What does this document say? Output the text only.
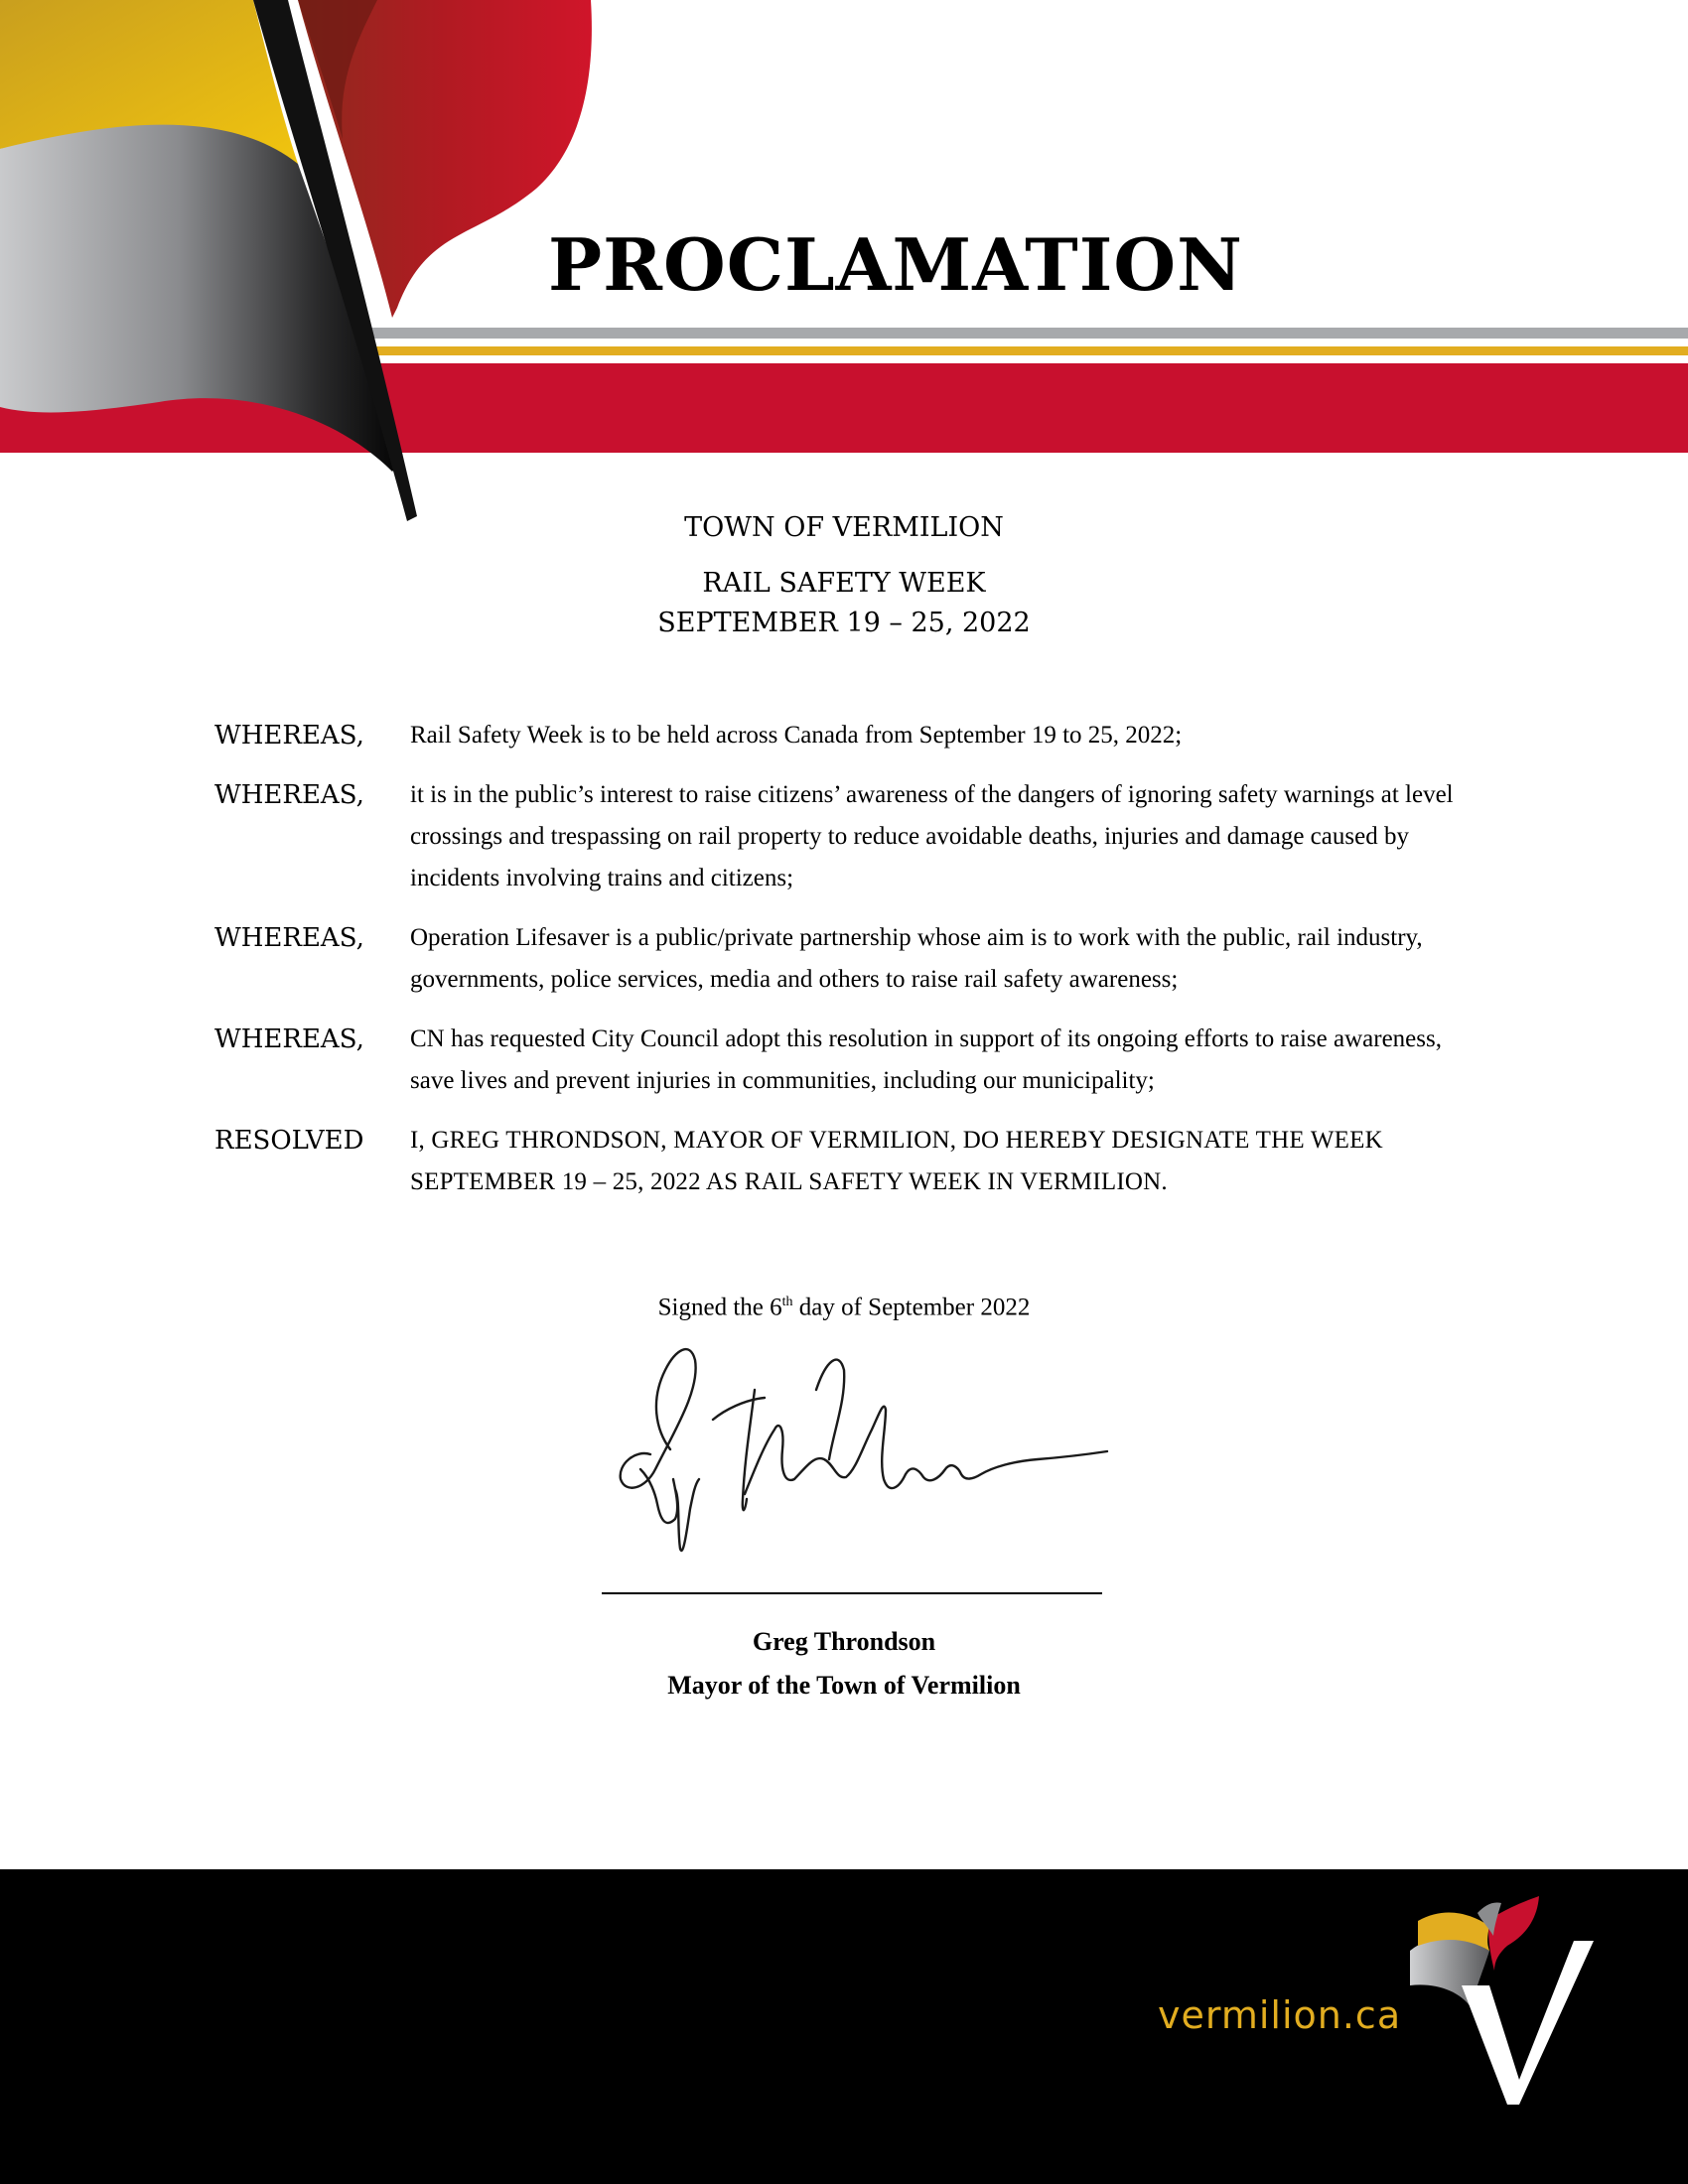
PROCLAMATION
TOWN OF VERMILION
RAIL SAFETY WEEK
SEPTEMBER 19 – 25, 2022
WHEREAS,	Rail Safety Week is to be held across Canada from September 19 to 25, 2022;
WHEREAS,	it is in the public’s interest to raise citizens’ awareness of the dangers of ignoring safety warnings at level crossings and trespassing on rail property to reduce avoidable deaths, injuries and damage caused by incidents involving trains and citizens;
WHEREAS,	Operation Lifesaver is a public/private partnership whose aim is to work with the public, rail industry, governments, police services, media and others to raise rail safety awareness;
WHEREAS,	CN has requested City Council adopt this resolution in support of its ongoing efforts to raise awareness, save lives and prevent injuries in communities, including our municipality;
RESOLVED	I, GREG THRONDSON, MAYOR OF VERMILION, DO HEREBY DESIGNATE THE WEEK SEPTEMBER 19 – 25, 2022 AS RAIL SAFETY WEEK IN VERMILION.
Signed the 6th day of September 2022
Greg Throndson
Mayor of the Town of Vermilion
vermilion.ca
